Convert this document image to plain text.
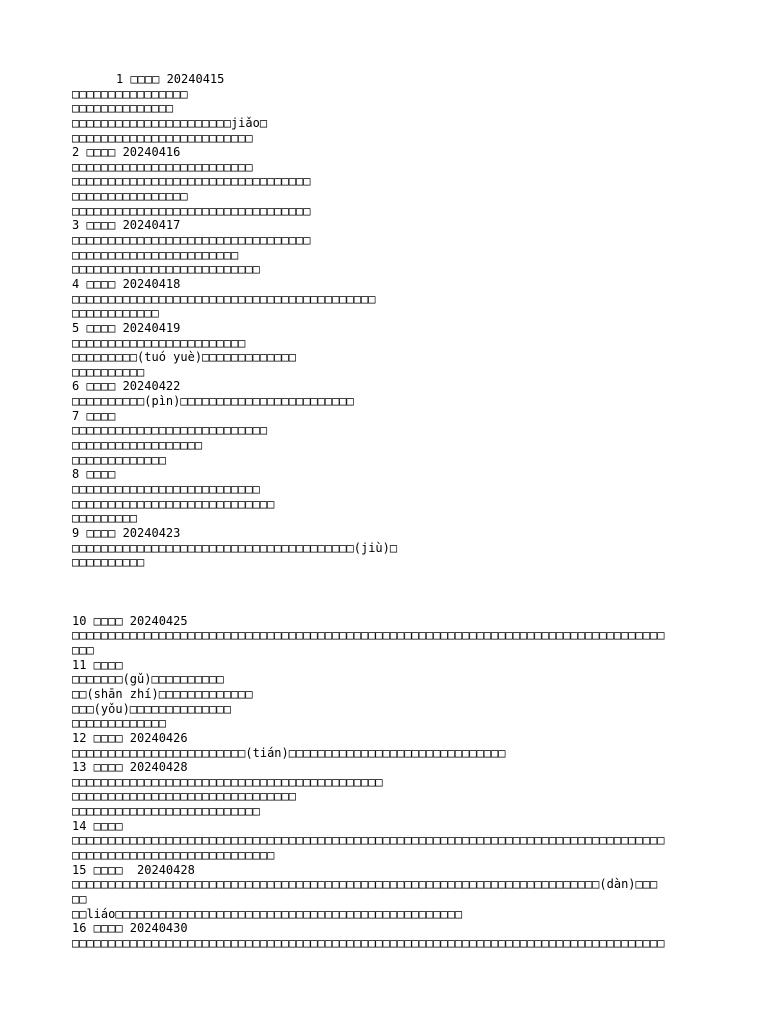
1 □□□□ 20240415
□□□□□□□□□□□□□□□□
□□□□□□□□□□□□□□
□□□□□□□□□□□□□□□□□□□□□□jiǎo□
□□□□□□□□□□□□□□□□□□□□□□□□□
2 □□□□ 20240416
□□□□□□□□□□□□□□□□□□□□□□□□□
□□□□□□□□□□□□□□□□□□□□□□□□□□□□□□□□□
□□□□□□□□□□□□□□□□
□□□□□□□□□□□□□□□□□□□□□□□□□□□□□□□□□
3 □□□□ 20240417
□□□□□□□□□□□□□□□□□□□□□□□□□□□□□□□□□
□□□□□□□□□□□□□□□□□□□□□□□
□□□□□□□□□□□□□□□□□□□□□□□□□□
4 □□□□ 20240418
□□□□□□□□□□□□□□□□□□□□□□□□□□□□□□□□□□□□□□□□□□
□□□□□□□□□□□□
5 □□□□ 20240419
□□□□□□□□□□□□□□□□□□□□□□□□
□□□□□□□□□(tuó yuè)□□□□□□□□□□□□□
□□□□□□□□□□
6 □□□□ 20240422
□□□□□□□□□□(pìn)□□□□□□□□□□□□□□□□□□□□□□□□
7 □□□□
□□□□□□□□□□□□□□□□□□□□□□□□□□□
□□□□□□□□□□□□□□□□□□
□□□□□□□□□□□□□
8 □□□□
□□□□□□□□□□□□□□□□□□□□□□□□□□
□□□□□□□□□□□□□□□□□□□□□□□□□□□□
□□□□□□□□□
9 □□□□ 20240423
□□□□□□□□□□□□□□□□□□□□□□□□□□□□□□□□□□□□□□□(jiù)□
□□□□□□□□□□
10 □□□□ 20240425
□□□□□□□□□□□□□□□□□□□□□□□□□□□□□□□□□□□□□□□□□□□□□□□□□□□□□□□□□□□□□□□□□□□□□□□□□□□□□□□□□□
□□□
11 □□□□
□□□□□□□(gǔ)□□□□□□□□□□
□□(shān zhí)□□□□□□□□□□□□□
□□□(yǒu)□□□□□□□□□□□□□□
□□□□□□□□□□□□□
12 □□□□ 20240426
□□□□□□□□□□□□□□□□□□□□□□□□(tián)□□□□□□□□□□□□□□□□□□□□□□□□□□□□□□
13 □□□□ 20240428
□□□□□□□□□□□□□□□□□□□□□□□□□□□□□□□□□□□□□□□□□□□
□□□□□□□□□□□□□□□□□□□□□□□□□□□□□□□
□□□□□□□□□□□□□□□□□□□□□□□□□□
14 □□□□
□□□□□□□□□□□□□□□□□□□□□□□□□□□□□□□□□□□□□□□□□□□□□□□□□□□□□□□□□□□□□□□□□□□□□□□□□□□□□□□□□□
□□□□□□□□□□□□□□□□□□□□□□□□□□□□
15 □□□□  20240428
□□□□□□□□□□□□□□□□□□□□□□□□□□□□□□□□□□□□□□□□□□□□□□□□□□□□□□□□□□□□□□□□□□□□□□□□□(dàn)□□□
□□
□□liáo□□□□□□□□□□□□□□□□□□□□□□□□□□□□□□□□□□□□□□□□□□□□□□□□
16 □□□□ 20240430
□□□□□□□□□□□□□□□□□□□□□□□□□□□□□□□□□□□□□□□□□□□□□□□□□□□□□□□□□□□□□□□□□□□□□□□□□□□□□□□□□□
